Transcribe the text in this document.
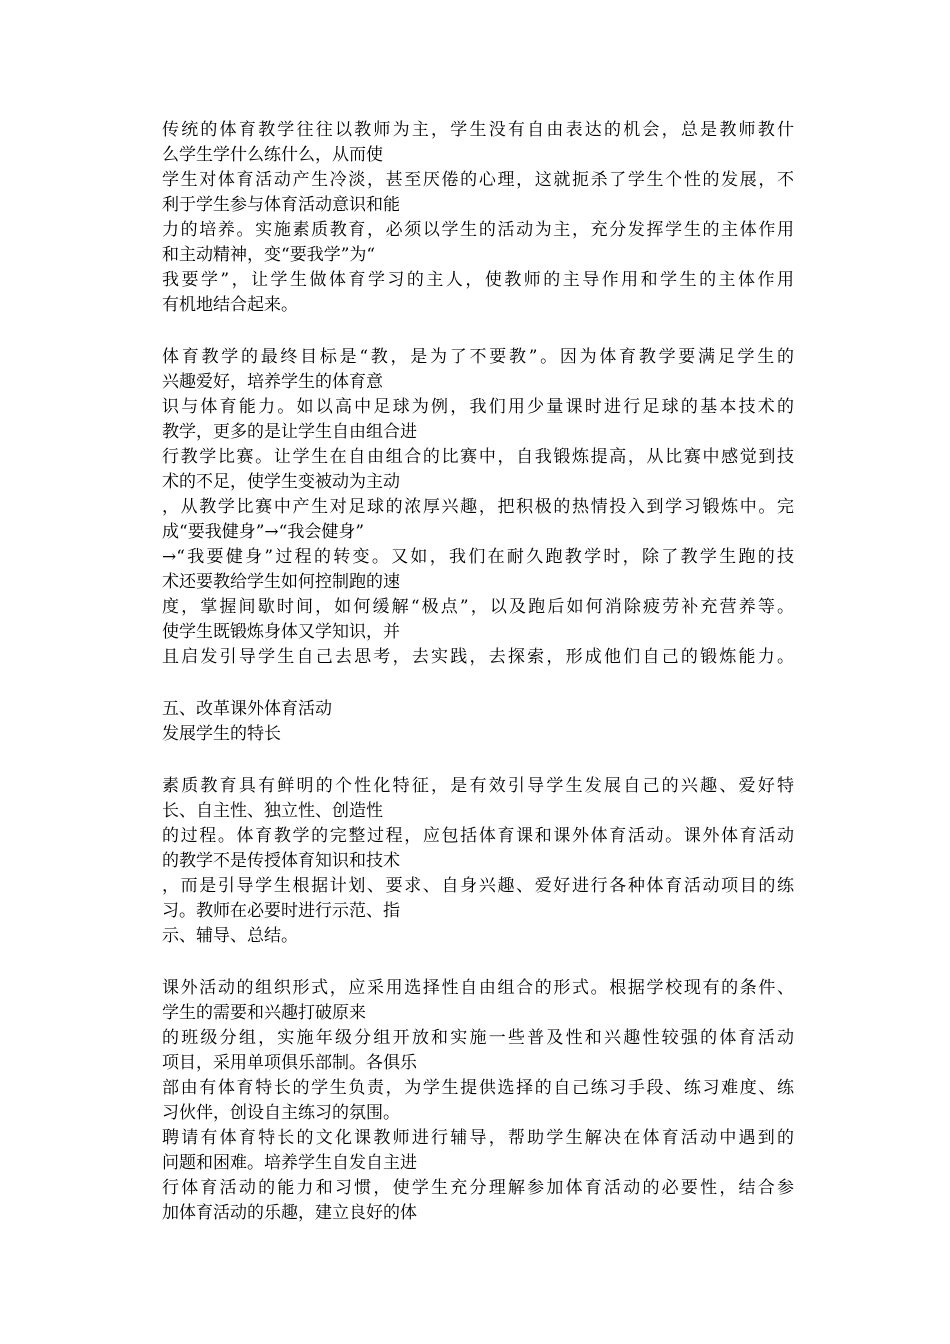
传统的体育教学往往以教师为主，学生没有自由表达的机会，总是教师教什
么学生学什么练什么，从而使
学生对体育活动产生冷淡，甚至厌倦的心理，这就扼杀了学生个性的发展，不
利于学生参与体育活动意识和能
力的培养。实施素质教育，必须以学生的活动为主，充分发挥学生的主体作用
和主动精神，变“要我学”为“
我要学”，让学生做体育学习的主人，使教师的主导作用和学生的主体作用
有机地结合起来。
体育教学的最终目标是“教，是为了不要教”。因为体育教学要满足学生的
兴趣爱好，培养学生的体育意
识与体育能力。如以高中足球为例，我们用少量课时进行足球的基本技术的
教学，更多的是让学生自由组合进
行教学比赛。让学生在自由组合的比赛中，自我锻炼提高，从比赛中感觉到技
术的不足，使学生变被动为主动
，从教学比赛中产生对足球的浓厚兴趣，把积极的热情投入到学习锻炼中。完
成“要我健身”→“我会健身”
→“我要健身”过程的转变。又如，我们在耐久跑教学时，除了教学生跑的技
术还要教给学生如何控制跑的速
度，掌握间歇时间，如何缓解“极点”，以及跑后如何消除疲劳补充营养等。
使学生既锻炼身体又学知识，并
且启发引导学生自己去思考，去实践，去探索，形成他们自己的锻炼能力。
五、改革课外体育活动
发展学生的特长
素质教育具有鲜明的个性化特征，是有效引导学生发展自己的兴趣、爱好特
长、自主性、独立性、创造性
的过程。体育教学的完整过程，应包括体育课和课外体育活动。课外体育活动
的教学不是传授体育知识和技术
，而是引导学生根据计划、要求、自身兴趣、爱好进行各种体育活动项目的练
习。教师在必要时进行示范、指
示、辅导、总结。
课外活动的组织形式，应采用选择性自由组合的形式。根据学校现有的条件、
学生的需要和兴趣打破原来
的班级分组，实施年级分组开放和实施一些普及性和兴趣性较强的体育活动
项目，采用单项俱乐部制。各俱乐
部由有体育特长的学生负责，为学生提供选择的自己练习手段、练习难度、练
习伙伴，创设自主练习的氛围。
聘请有体育特长的文化课教师进行辅导，帮助学生解决在体育活动中遇到的
问题和困难。培养学生自发自主进
行体育活动的能力和习惯，使学生充分理解参加体育活动的必要性，结合参
加体育活动的乐趣，建立良好的体
